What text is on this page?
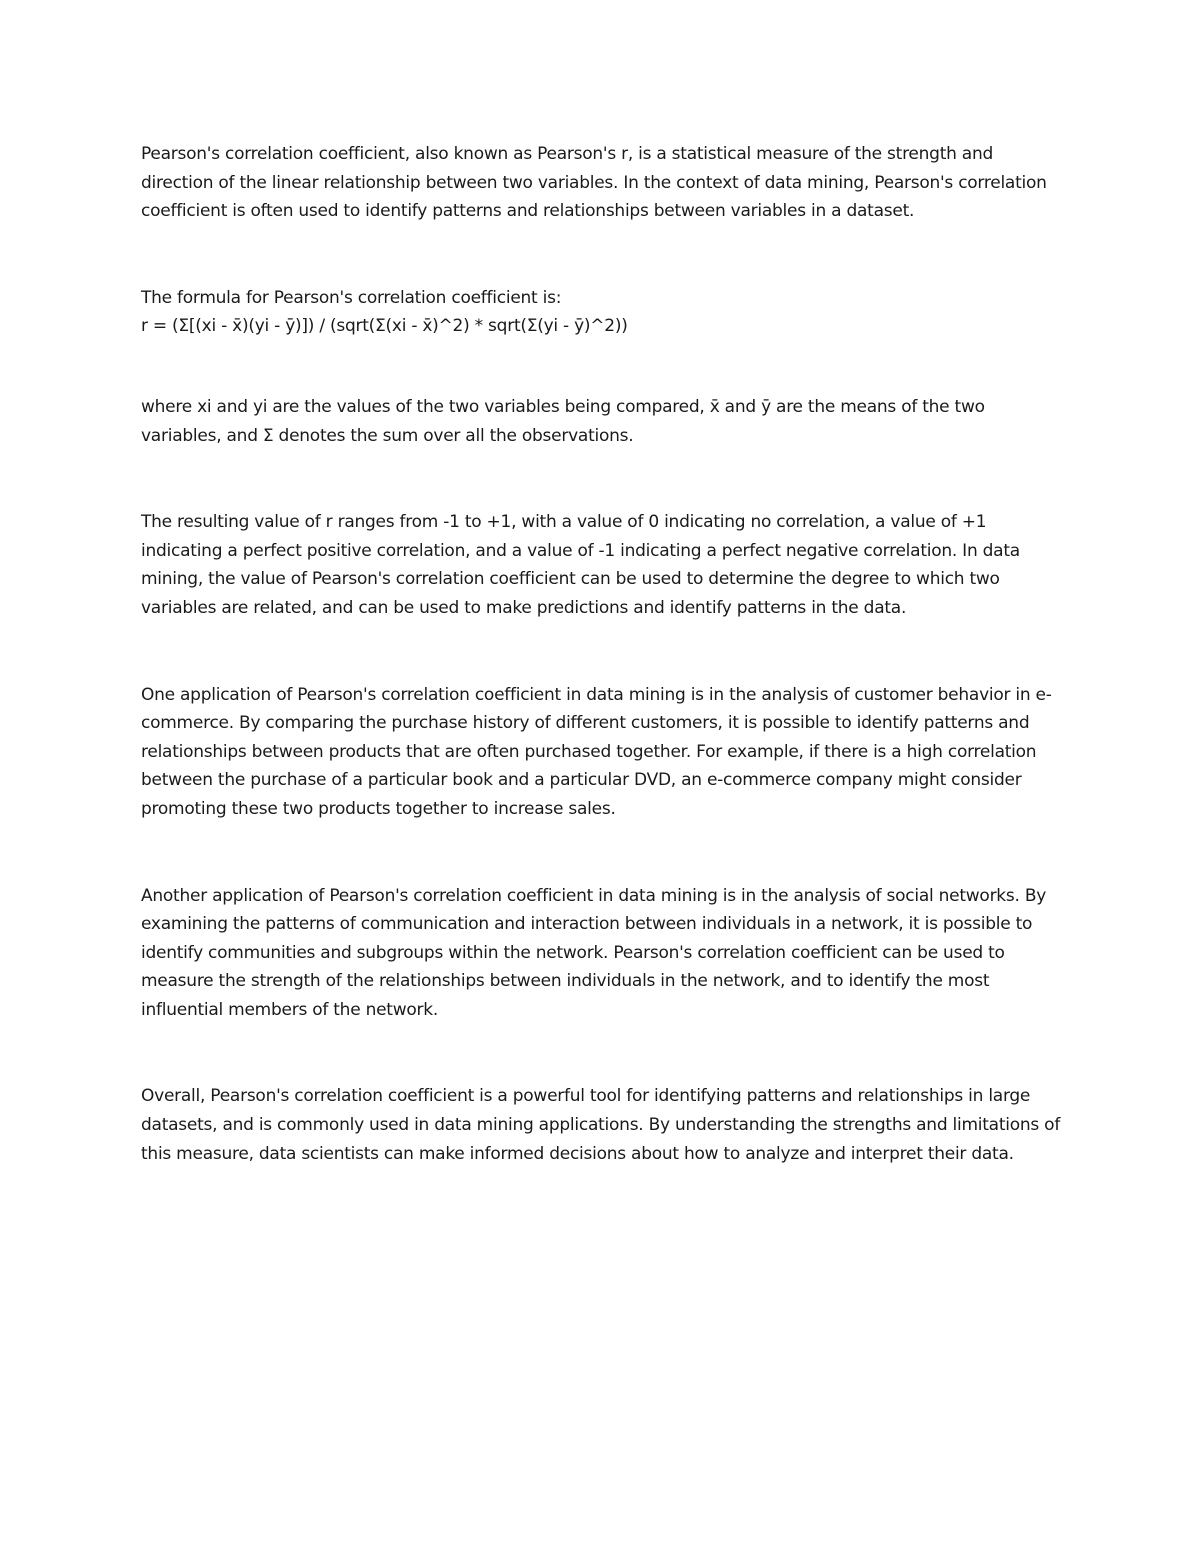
Pearson's correlation coefficient, also known as Pearson's r, is a statistical measure of the strength and direction of the linear relationship between two variables. In the context of data mining, Pearson's correlation coefficient is often used to identify patterns and relationships between variables in a dataset.

The formula for Pearson's correlation coefficient is:

r = (Σ[(xi - x̄)(yi - ȳ)]) / (sqrt(Σ(xi - x̄)^2) * sqrt(Σ(yi - ȳ)^2))

where xi and yi are the values of the two variables being compared, x̄ and ȳ are the means of the two variables, and Σ denotes the sum over all the observations.

The resulting value of r ranges from -1 to +1, with a value of 0 indicating no correlation, a value of +1 indicating a perfect positive correlation, and a value of -1 indicating a perfect negative correlation. In data mining, the value of Pearson's correlation coefficient can be used to determine the degree to which two variables are related, and can be used to make predictions and identify patterns in the data.

One application of Pearson's correlation coefficient in data mining is in the analysis of customer behavior in e-commerce. By comparing the purchase history of different customers, it is possible to identify patterns and relationships between products that are often purchased together. For example, if there is a high correlation between the purchase of a particular book and a particular DVD, an e-commerce company might consider promoting these two products together to increase sales.

Another application of Pearson's correlation coefficient in data mining is in the analysis of social networks. By examining the patterns of communication and interaction between individuals in a network, it is possible to identify communities and subgroups within the network. Pearson's correlation coefficient can be used to measure the strength of the relationships between individuals in the network, and to identify the most influential members of the network.

Overall, Pearson's correlation coefficient is a powerful tool for identifying patterns and relationships in large datasets, and is commonly used in data mining applications. By understanding the strengths and limitations of this measure, data scientists can make informed decisions about how to analyze and interpret their data.
